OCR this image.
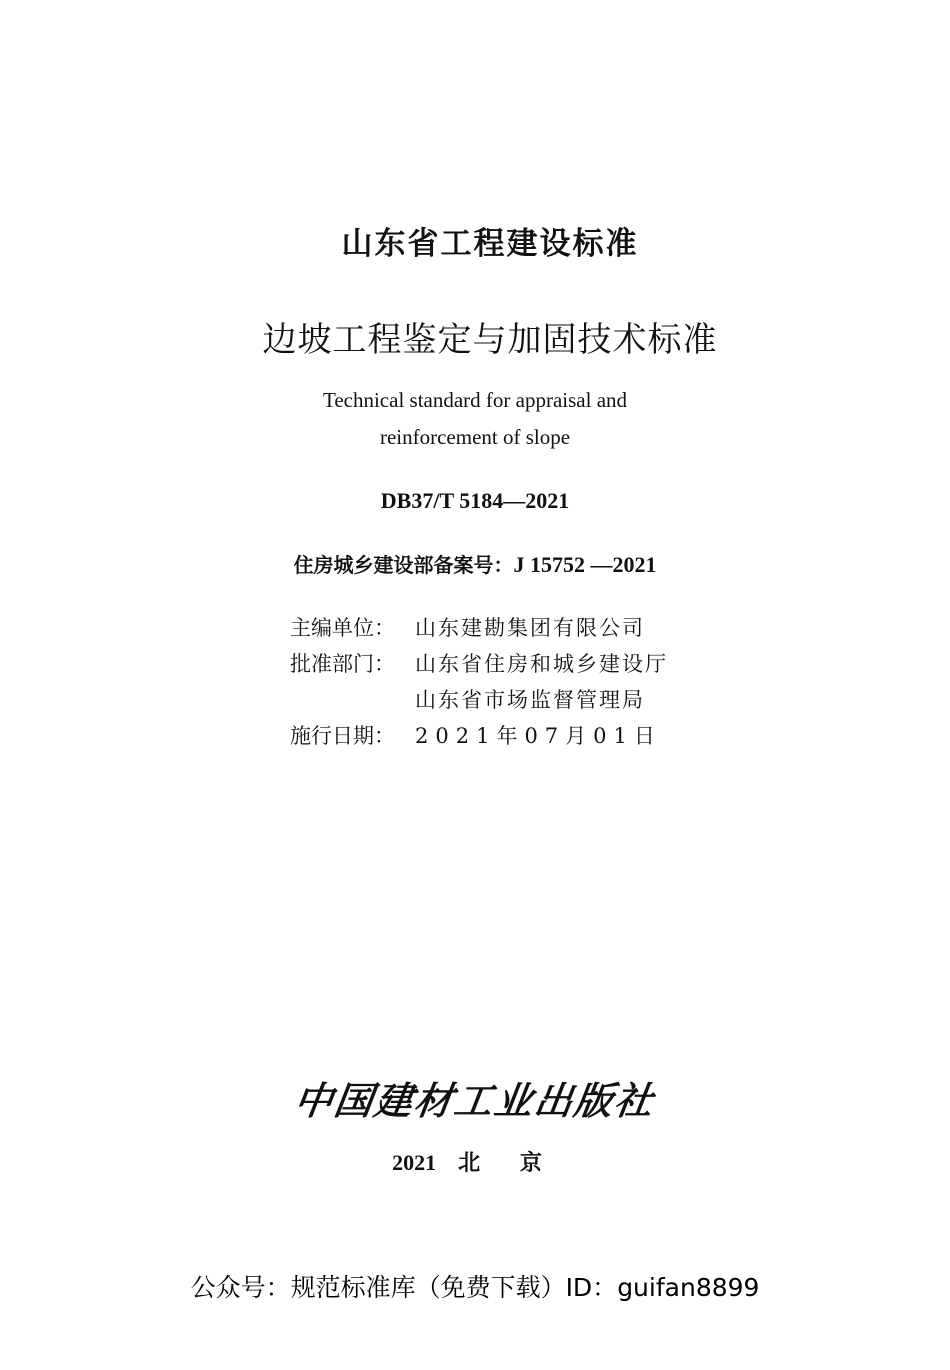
山东省工程建设标准
边坡工程鉴定与加固技术标准
Technical standard for appraisal and
reinforcement of slope
DB37/T 5184—2021
住房城乡建设部备案号：J 15752 —2021
主编单位： 山东建勘集团有限公司
批准部门： 山东省住房和城乡建设厅
山东省市场监督管理局
施行日期： 2021年07月01日
中国建材工业出版社
2021 北 京
公众号：规范标准库（免费下载）ID：guifan8899
